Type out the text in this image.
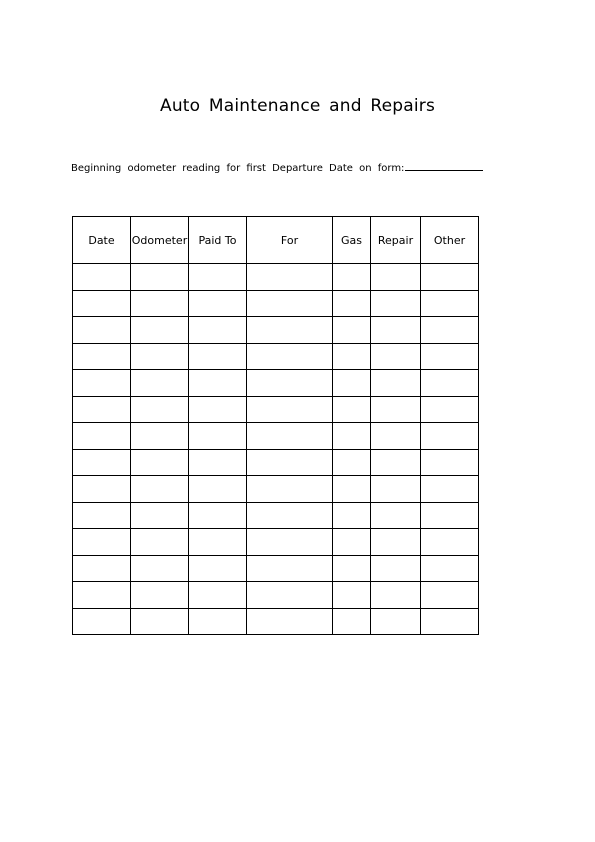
Auto Maintenance and Repairs
Beginning odometer reading for first Departure Date on form:
Date	Odometer	Paid To	For	Gas	Repair	Other
